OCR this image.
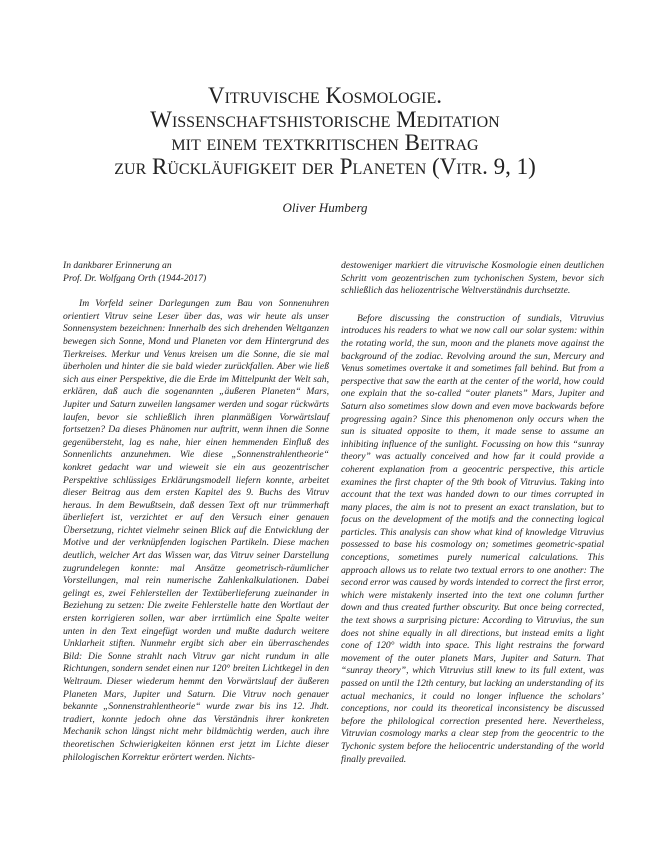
Vitruvische Kosmologie.
Wissenschaftshistorische Meditation
mit einem textkritischen Beitrag
zur Rückläufigkeit der Planeten (Vitr. 9, 1)
Oliver Humberg

In dankbarer Erinnerung an
Prof. Dr. Wolfgang Orth (1944-2017)

Im Vorfeld seiner Darlegungen zum Bau von Sonnenuhren orientiert Vitruv seine Leser über das, was wir heute als unser Sonnensystem bezeichnen: Innerhalb des sich drehenden Weltganzen bewegen sich Sonne, Mond und Planeten vor dem Hintergrund des Tierkreises. Merkur und Venus kreisen um die Sonne, die sie mal überholen und hinter die sie bald wieder zurückfallen. Aber wie ließ sich aus einer Perspektive, die die Erde im Mittelpunkt der Welt sah, erklären, daß auch die sogenannten „äußeren Planeten“ Mars, Jupiter und Saturn zuweilen langsamer werden und sogar rückwärts laufen, bevor sie schließlich ihren planmäßigen Vorwärtslauf fortsetzen? Da dieses Phänomen nur auftritt, wenn ihnen die Sonne gegenübersteht, lag es nahe, hier einen hemmenden Einfluß des Sonnenlichts anzunehmen. Wie diese „Sonnenstrahlentheorie“ konkret gedacht war und wieweit sie ein aus geozentrischer Perspektive schlüssiges Erklärungsmodell liefern konnte, arbeitet dieser Beitrag aus dem ersten Kapitel des 9. Buchs des Vitruv heraus. In dem Bewußtsein, daß dessen Text oft nur trümmerhaft überliefert ist, verzichtet er auf den Versuch einer genauen Übersetzung, richtet vielmehr seinen Blick auf die Entwicklung der Motive und der verknüpfenden logischen Partikeln. Diese machen deutlich, welcher Art das Wissen war, das Vitruv seiner Darstellung zugrundelegen konnte: mal Ansätze geometrisch-räumlicher Vorstellungen, mal rein numerische Zahlenkalkulationen. Dabei gelingt es, zwei Fehlerstellen der Textüberlieferung zueinander in Beziehung zu setzen: Die zweite Fehlerstelle hatte den Wortlaut der ersten korrigieren sollen, war aber irrtümlich eine Spalte weiter unten in den Text eingefügt worden und mußte dadurch weitere Unklarheit stiften. Nunmehr ergibt sich aber ein überraschendes Bild: Die Sonne strahlt nach Vitruv gar nicht rundum in alle Richtungen, sondern sendet einen nur 120° breiten Lichtkegel in den Weltraum. Dieser wiederum hemmt den Vorwärtslauf der äußeren Planeten Mars, Jupiter und Saturn. Die Vitruv noch genauer bekannte „Sonnenstrahlentheorie“ wurde zwar bis ins 12. Jhdt. tradiert, konnte jedoch ohne das Verständnis ihrer konkreten Mechanik schon längst nicht mehr bildmächtig werden, auch ihre theoretischen Schwierigkeiten können erst jetzt im Lichte dieser philologischen Korrektur erörtert werden. Nichts-

destoweniger markiert die vitruvische Kosmologie einen deutlichen Schritt vom geozentrischen zum tychonischen System, bevor sich schließlich das heliozentrische Weltverständnis durchsetzte.

Before discussing the construction of sundials, Vitruvius introduces his readers to what we now call our solar system: within the rotating world, the sun, moon and the planets move against the background of the zodiac. Revolving around the sun, Mercury and Venus sometimes overtake it and sometimes fall behind. But from a perspective that saw the earth at the center of the world, how could one explain that the so-called “outer planets” Mars, Jupiter and Saturn also sometimes slow down and even move backwards before progressing again? Since this phenomenon only occurs when the sun is situated opposite to them, it made sense to assume an inhibiting influence of the sunlight. Focussing on how this “sunray theory” was actually conceived and how far it could provide a coherent explanation from a geocentric perspective, this article examines the first chapter of the 9th book of Vitruvius. Taking into account that the text was handed down to our times corrupted in many places, the aim is not to present an exact translation, but to focus on the development of the motifs and the connecting logical particles. This analysis can show what kind of knowledge Vitruvius possessed to base his cosmology on; sometimes geometric-spatial conceptions, sometimes purely numerical calculations. This approach allows us to relate two textual errors to one another: The second error was caused by words intended to correct the first error, which were mistakenly inserted into the text one column further down and thus created further obscurity. But once being corrected, the text shows a surprising picture: According to Vitruvius, the sun does not shine equally in all directions, but instead emits a light cone of 120° width into space. This light restrains the forward movement of the outer planets Mars, Jupiter and Saturn. That “sunray theory”, which Vitruvius still knew to its full extent, was passed on until the 12th century, but lacking an understanding of its actual mechanics, it could no longer influence the scholars’ conceptions, nor could its theoretical inconsistency be discussed before the philological correction presented here. Nevertheless, Vitruvian cosmology marks a clear step from the geocentric to the Tychonic system before the heliocentric understanding of the world finally prevailed.
